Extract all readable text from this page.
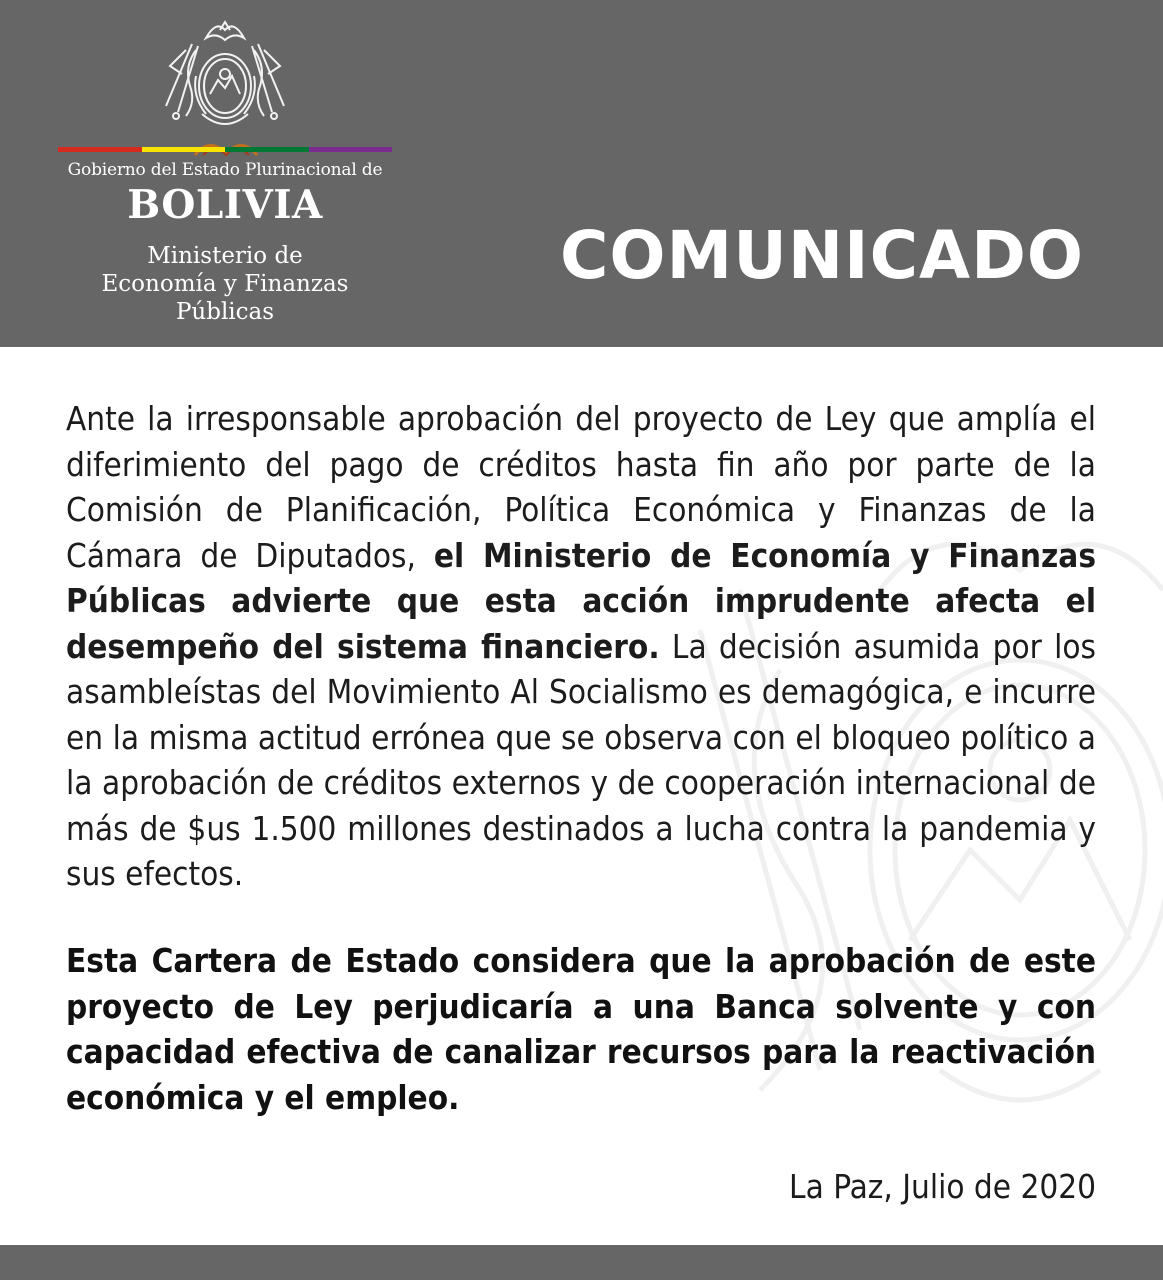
Gobierno del Estado Plurinacional de
BOLIVIA
Ministerio de
Economía y Finanzas
Públicas
COMUNICADO
Ante la irresponsable aprobación del proyecto de Ley que amplía el diferimiento del pago de créditos hasta fin año por parte de la Comisión de Planificación, Política Económica y Finanzas de la Cámara de Diputados, el Ministerio de Economía y Finanzas Públicas advierte que esta acción imprudente afecta el desempeño del sistema financiero. La decisión asumida por los asambleístas del Movimiento Al Socialismo es demagógica, e incurre en la misma actitud errónea que se observa con el bloqueo político a la aprobación de créditos externos y de cooperación internacional de más de $us 1.500 millones destinados a lucha contra la pandemia y sus efectos.
Esta Cartera de Estado considera que la aprobación de este proyecto de Ley perjudicaría a una Banca solvente y con capacidad efectiva de canalizar recursos para la reactivación económica y el empleo.
La Paz, Julio de 2020
